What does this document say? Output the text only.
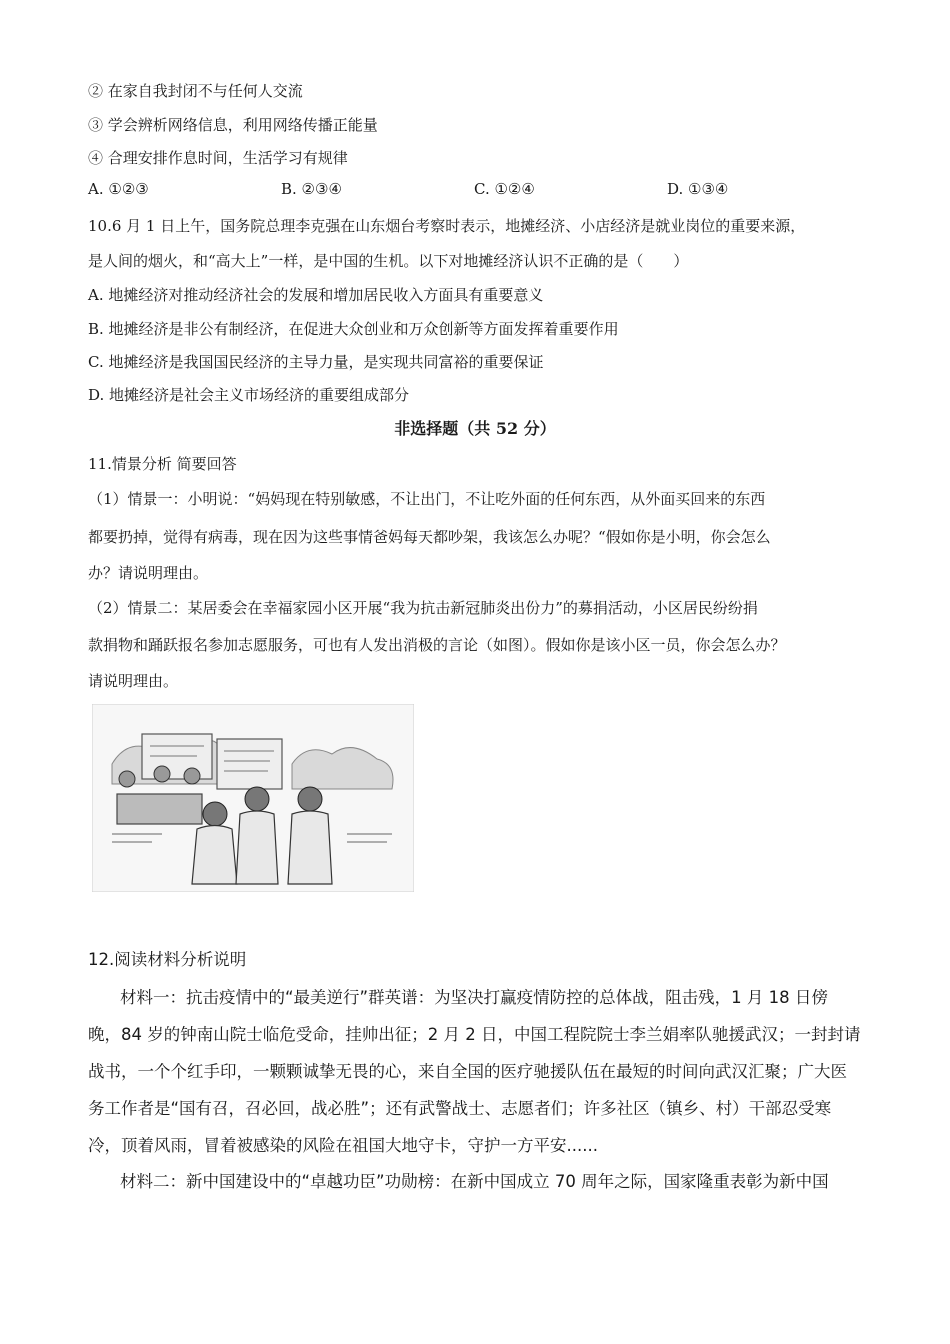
② 在家自我封闭不与任何人交流
③ 学会辨析网络信息，利用网络传播正能量
④ 合理安排作息时间，生活学习有规律
A. ①②③	B. ②③④	C. ①②④	D. ①③④
10.6 月 1 日上午，国务院总理李克强在山东烟台考察时表示，地摊经济、小店经济是就业岗位的重要来源，
是人间的烟火，和“高大上”一样，是中国的生机。以下对地摊经济认识不正确的是（　　）
A. 地摊经济对推动经济社会的发展和增加居民收入方面具有重要意义
B. 地摊经济是非公有制经济，在促进大众创业和万众创新等方面发挥着重要作用
C. 地摊经济是我国国民经济的主导力量，是实现共同富裕的重要保证
D. 地摊经济是社会主义市场经济的重要组成部分
非选择题（共 52 分）
11.情景分析 简要回答
（1）情景一：小明说：“妈妈现在特别敏感，不让出门，不让吃外面的任何东西，从外面买回来的东西
都要扔掉，觉得有病毒，现在因为这些事情爸妈每天都吵架，我该怎么办呢？“假如你是小明，你会怎么
办？请说明理由。
（2）情景二：某居委会在幸福家园小区开展“我为抗击新冠肺炎出份力”的募捐活动，小区居民纷纷捐
款捐物和踊跃报名参加志愿服务，可也有人发出消极的言论（如图）。假如你是该小区一员，你会怎么办？
请说明理由。
12.阅读材料分析说明
材料一：抗击疫情中的“最美逆行”群英谱：为坚决打赢疫情防控的总体战，阻击残，1 月 18 日傍
晚，84 岁的钟南山院士临危受命，挂帅出征；2 月 2 日，中国工程院院士李兰娟率队驰援武汉；一封封请
战书，一个个红手印，一颗颗诚挚无畏的心，来自全国的医疗驰援队伍在最短的时间向武汉汇聚；广大医
务工作者是“国有召，召必回，战必胜”；还有武警战士、志愿者们；许多社区（镇乡、村）干部忍受寒
冷，顶着风雨，冒着被感染的风险在祖国大地守卡，守护一方平安......
材料二：新中国建设中的“卓越功臣”功勋榜：在新中国成立 70 周年之际，国家隆重表彰为新中国
